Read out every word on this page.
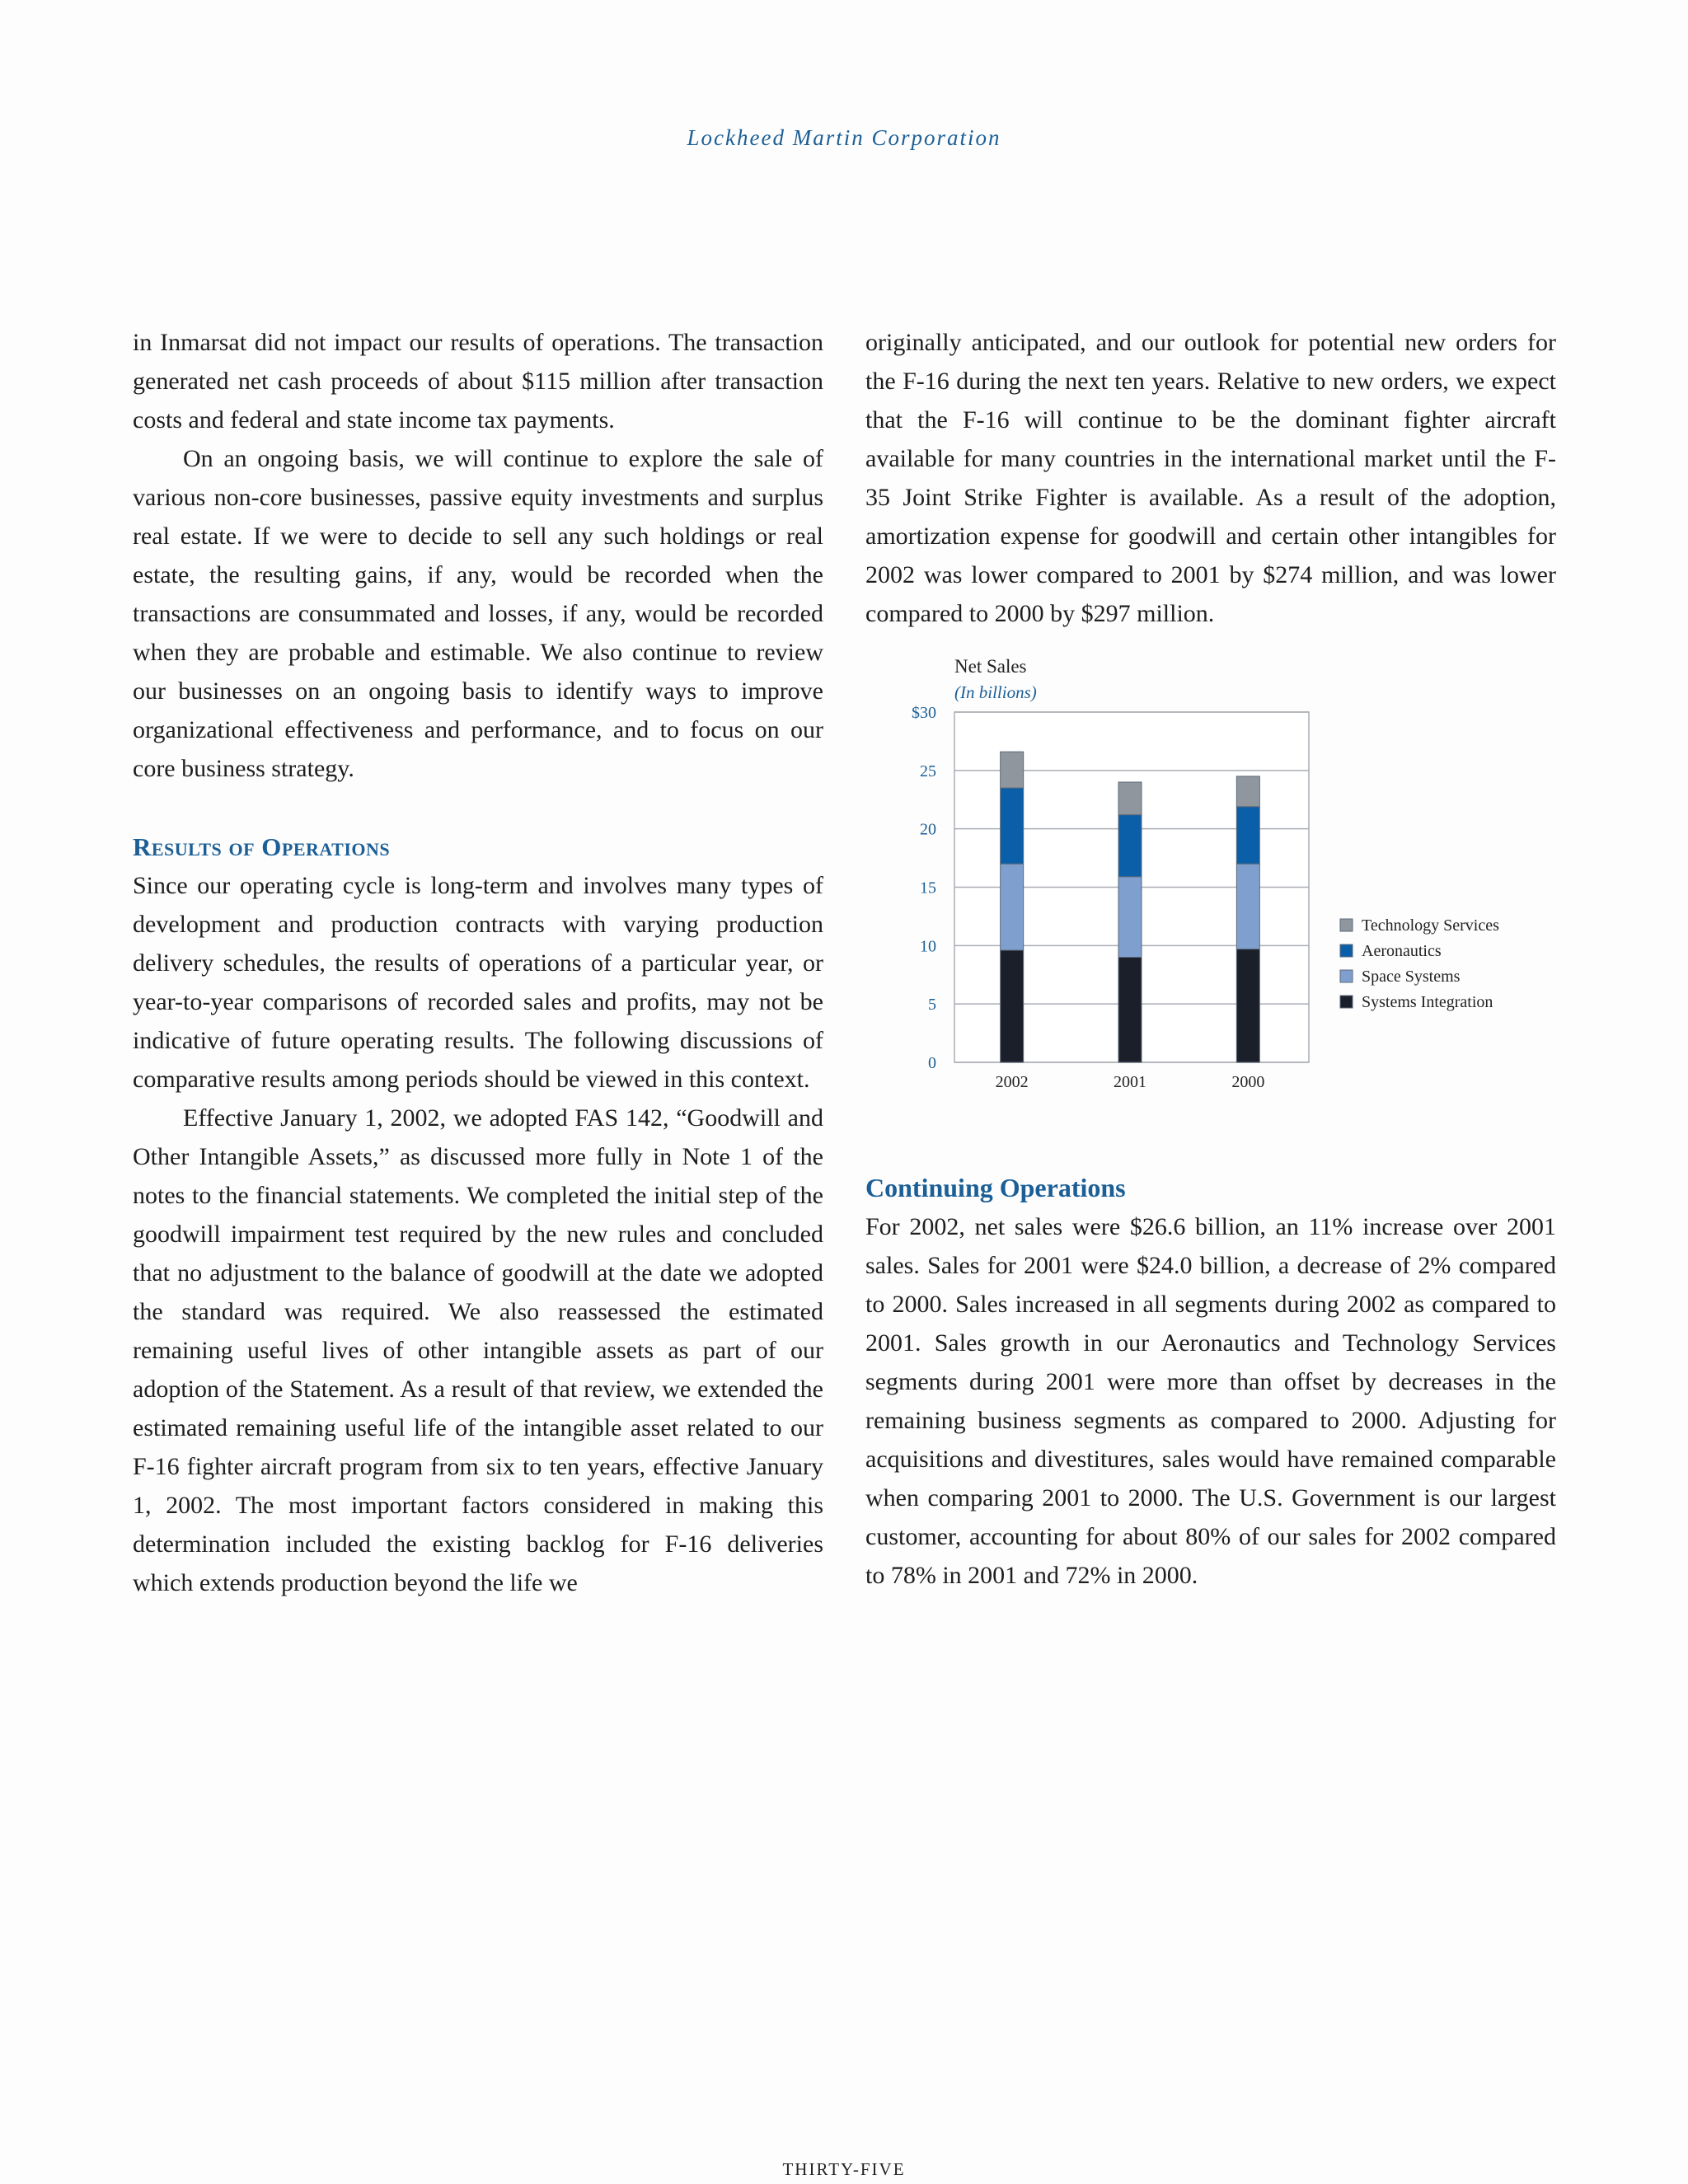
Lockheed Martin Corporation

in Inmarsat did not impact our results of operations. The transaction generated net cash proceeds of about $115 million after transaction costs and federal and state income tax payments.

On an ongoing basis, we will continue to explore the sale of various non-core businesses, passive equity investments and surplus real estate. If we were to decide to sell any such holdings or real estate, the resulting gains, if any, would be recorded when the transactions are consummated and losses, if any, would be recorded when they are probable and estimable. We also continue to review our businesses on an ongoing basis to identify ways to improve organizational effectiveness and performance, and to focus on our core business strategy.

Results of Operations

Since our operating cycle is long-term and involves many types of development and production contracts with varying production delivery schedules, the results of operations of a particular year, or year-to-year comparisons of recorded sales and profits, may not be indicative of future operating results. The following discussions of comparative results among periods should be viewed in this context.

Effective January 1, 2002, we adopted FAS 142, “Goodwill and Other Intangible Assets,” as discussed more fully in Note 1 of the notes to the financial statements. We completed the initial step of the goodwill impairment test required by the new rules and concluded that no adjustment to the balance of goodwill at the date we adopted the standard was required. We also reassessed the estimated remaining useful lives of other intangible assets as part of our adoption of the Statement. As a result of that review, we extended the estimated remaining useful life of the intangible asset related to our F-16 fighter aircraft program from six to ten years, effective January 1, 2002. The most important factors considered in making this determination included the existing backlog for F-16 deliveries which extends production beyond the life we

originally anticipated, and our outlook for potential new orders for the F-16 during the next ten years. Relative to new orders, we expect that the F-16 will continue to be the dominant fighter aircraft available for many countries in the international market until the F-35 Joint Strike Fighter is available. As a result of the adoption, amortization expense for goodwill and certain other intangibles for 2002 was lower compared to 2001 by $274 million, and was lower compared to 2000 by $297 million.

Net Sales
(In billions)
$30
25
20
15
10
5
0
2002	2001	2000
Technology Services
Aeronautics
Space Systems
Systems Integration
Continuing Operations

For 2002, net sales were $26.6 billion, an 11% increase over 2001 sales. Sales for 2001 were $24.0 billion, a decrease of 2% compared to 2000. Sales increased in all segments during 2002 as compared to 2001. Sales growth in our Aeronautics and Technology Services segments during 2001 were more than offset by decreases in the remaining business segments as compared to 2000. Adjusting for acquisitions and divestitures, sales would have remained comparable when comparing 2001 to 2000. The U.S. Government is our largest customer, accounting for about 80% of our sales for 2002 compared to 78% in 2001 and 72% in 2000.

THIRTY-FIVE
